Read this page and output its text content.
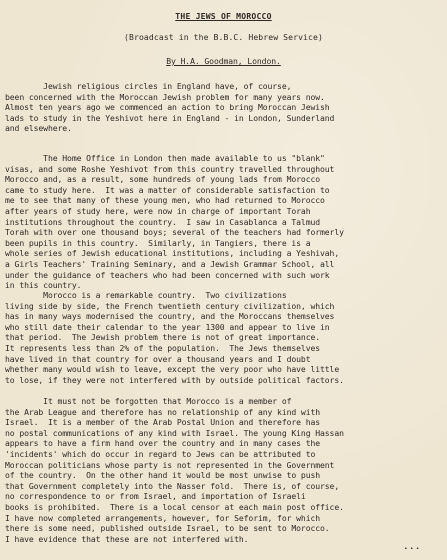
THE JEWS OF MOROCCO
(Broadcast in the B.B.C. Hebrew Service)
By H.A. Goodman, London.
Jewish religious circles in England have, of course,
been concerned with the Moroccan Jewish problem for many years now.
Almost ten years ago we commenced an action to bring Moroccan Jewish
lads to study in the Yeshivot here in England - in London, Sunderland
and elsewhere.
The Home Office in London then made available to us "blank"
visas, and some Roshe Yeshivot from this country travelled throughout
Morocco and, as a result, some hundreds of young lads from Morocco
came to study here.  It was a matter of considerable satisfaction to
me to see that many of these young men, who had returned to Morocco
after years of study here, were now in charge of important Torah
institutions throughout the country.  I saw in Casablanca a Talmud
Torah with over one thousand boys; several of the teachers had formerly
been pupils in this country.  Similarly, in Tangiers, there is a
whole series of Jewish educational institutions, including a Yeshivah,
a Girls Teachers' Training Seminary, and a Jewish Grammar School, all
under the guidance of teachers who had been concerned with such work
in this country.
Morocco is a remarkable country.  Two civilizations
living side by side, the French twentieth century civilization, which
has in many ways modernised the country, and the Moroccans themselves
who still date their calendar to the year 1300 and appear to live in
that period.  The Jewish problem there is not of great importance.
It represents less than 2% of the population.  The Jews themselves
have lived in that country for over a thousand years and I doubt
whether many would wish to leave, except the very poor who have little
to lose, if they were not interfered with by outside political factors.
It must not be forgotten that Morocco is a member of
the Arab League and therefore has no relationship of any kind with
Israel.  It is a member of the Arab Postal Union and therefore has
no postal communications of any kind with Israel. The young King Hassan
appears to have a firm hand over the country and in many cases the
'incidents' which do occur in regard to Jews can be attributed to
Moroccan politicians whose party is not represented in the Government
of the country.  On the other hand it would be most unwise to push
that Government completely into the Nasser fold.  There is, of course,
no correspondence to or from Israel, and importation of Israeli
books is prohibited.  There is a local censor at each main post office.
I have now completed arrangements, however, for Seforim, for which
there is some need, published outside Israel, to be sent to Morocco.
I have evidence that these are not interfered with.
...
